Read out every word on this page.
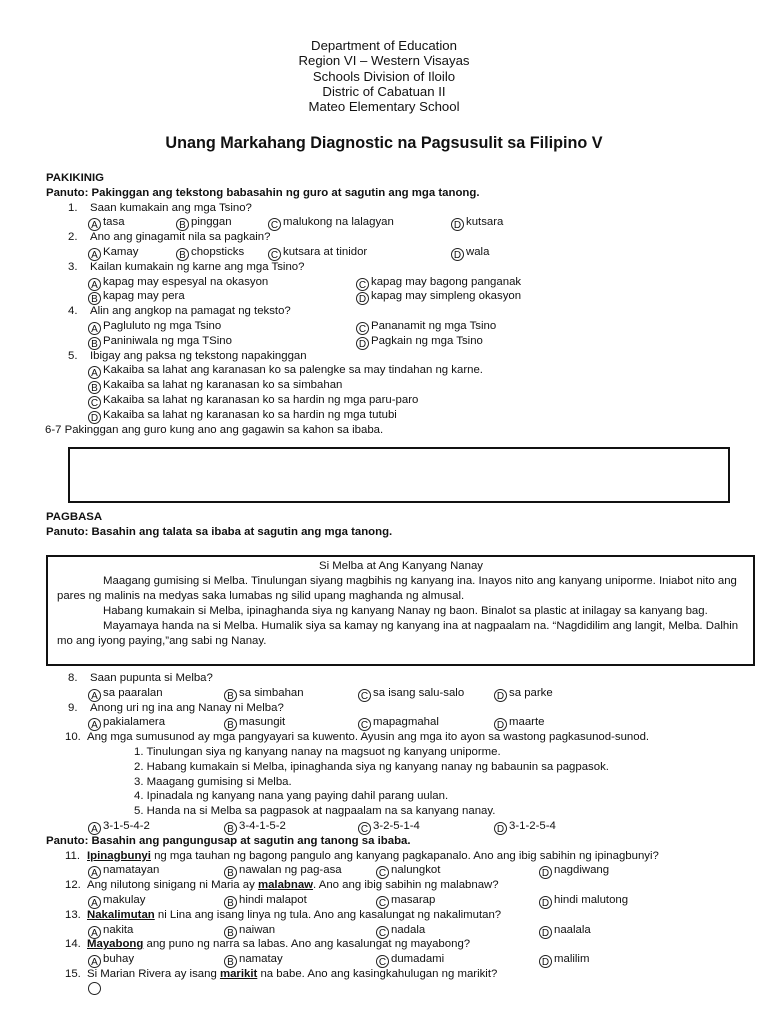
Department of Education
Region VI – Western Visayas
Schools Division of Iloilo
Distric of Cabatuan II
Mateo Elementary School
Unang Markahang Diagnostic na Pagsusulit sa Filipino V
PAKIKINIG
Panuto: Pakinggan ang tekstong babasahin ng guro at sagutin ang mga tanong.
1. Saan kumakain ang mga Tsino?
A tasa	B pinggan	C malukong na lalagyan	D kutsara
2. Ano ang ginagamit nila sa pagkain?
A Kamay	B chopsticks	C kutsara at tinidor	D wala
3. Kailan kumakain ng karne ang mga Tsino?
A kapag may espesyal na okasyon	C kapag may bagong panganak
B kapag may pera	D kapag may simpleng okasyon
4. Alin ang angkop na pamagat ng teksto?
A Pagluluto ng mga Tsino	C Pananamit ng mga Tsino
B Paniniwala ng mga TSino	D Pagkain ng mga Tsino
5. Ibigay ang paksa ng tekstong napakinggan
A Kakaiba sa lahat ang karanasan ko sa palengke sa may tindahan ng karne.
B Kakaiba sa lahat ng karanasan ko sa simbahan
C Kakaiba sa lahat ng karanasan ko sa hardin ng mga paru-paro
D Kakaiba sa lahat ng karanasan ko sa hardin ng mga tutubi
6-7 Pakinggan ang guro kung ano ang gagawin sa kahon sa ibaba.
PAGBASA
Panuto: Basahin ang talata sa ibaba at sagutin ang mga tanong.
Si Melba at Ang Kanyang Nanay

Maagang gumising si Melba. Tinulungan siyang magbihis ng kanyang ina. Inayos nito ang kanyang uniporme. Iniabot nito ang pares ng malinis na medyas saka lumabas ng silid upang maghanda ng almusal.

Habang kumakain si Melba, ipinaghanda siya ng kanyang Nanay ng baon. Binalot sa plastic at inilagay sa kanyang bag.

Mayamaya handa na si Melba. Humalik siya sa kamay ng kanyang ina at nagpaalam na. “Nagdidilim ang langit, Melba. Dalhin mo ang iyong paying,”ang sabi ng Nanay.

8. Saan pupunta si Melba?
A sa paaralan	B sa simbahan	C sa isang salu-salo	D sa parke
9. Anong uri ng ina ang Nanay ni Melba?
A pakialamera	B masungit	C mapagmahal	D maarte
10. Ang mga sumusunod ay mga pangyayari sa kuwento. Ayusin ang mga ito ayon sa wastong pagkasunod-sunod.
1. Tinulungan siya ng kanyang nanay na magsuot ng kanyang uniporme.
2. Habang kumakain si Melba, ipinaghanda siya ng kanyang nanay ng babaunin sa pagpasok.
3. Maagang gumising si Melba.
4. Ipinadala ng kanyang nana yang paying dahil parang uulan.
5. Handa na si Melba sa pagpasok at nagpaalam na sa kanyang nanay.
A 3-1-5-4-2	B 3-4-1-5-2	C 3-2-5-1-4	D 3-1-2-5-4
Panuto: Basahin ang pangungusap at sagutin ang tanong sa ibaba.
11. Ipinagbunyi ng mga tauhan ng bagong pangulo ang kanyang pagkapanalo. Ano ang ibig sabihin ng ipinagbunyi?
A namatayan	B nawalan ng pag-asa	C nalungkot	D nagdiwang
12. Ang nilutong sinigang ni Maria ay malabnaw. Ano ang ibig sabihin ng malabnaw?
A makulay	B hindi malapot	C masarap	D hindi malutong
13. Nakalimutan ni Lina ang isang linya ng tula. Ano ang kasalungat ng nakalimutan?
A nakita	B naiwan	C nadala	D naalala
14. Mayabong ang puno ng narra sa labas. Ano ang kasalungat ng mayabong?
A buhay	B namatay	C dumadami	D malilim
15. Si Marian Rivera ay isang marikit na babe. Ano ang kasingkahulugan ng marikit?
